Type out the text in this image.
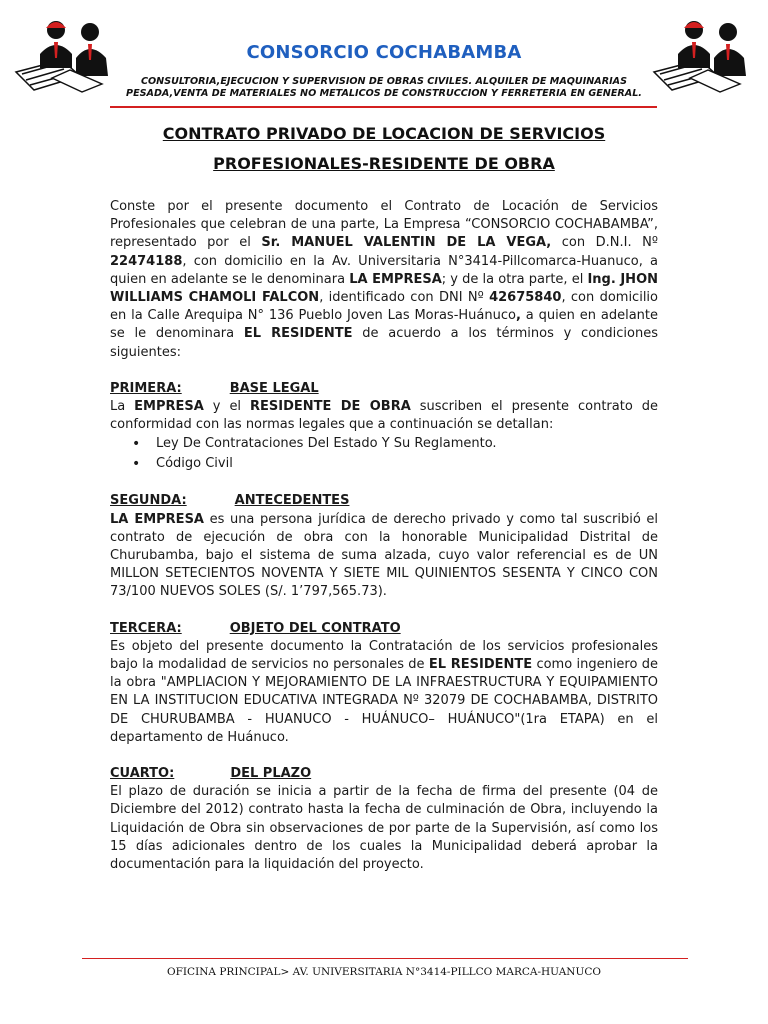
CONSORCIO COCHABAMBA
CONSULTORIA,EJECUCION Y SUPERVISION DE OBRAS CIVILES. ALQUILER DE MAQUINARIAS PESADA,VENTA DE MATERIALES NO METALICOS DE CONSTRUCCION Y FERRETERIA EN GENERAL.
CONTRATO PRIVADO DE LOCACION DE SERVICIOS
PROFESIONALES-RESIDENTE DE OBRA

Conste por el presente documento el Contrato de Locación de Servicios Profesionales que celebran de una parte, La Empresa “CONSORCIO COCHABAMBA”, representado por el Sr. MANUEL VALENTIN DE LA VEGA, con D.N.I. Nº 22474188, con domicilio en la Av. Universitaria N°3414-Pillcomarca-Huanuco, a quien en adelante se le denominara LA EMPRESA; y de la otra parte, el Ing. JHON WILLIAMS CHAMOLI FALCON, identificado con DNI Nº 42675840, con domicilio en la Calle Arequipa N° 136 Pueblo Joven Las Moras-Huánuco, a quien en adelante se le denominara EL RESIDENTE de acuerdo a los términos y condiciones siguientes:

PRIMERA:	BASE LEGAL

La EMPRESA y el RESIDENTE DE OBRA suscriben el presente contrato de conformidad con las normas legales que a continuación se detallan:

• Ley De Contrataciones Del Estado Y Su Reglamento.
• Código Civil

SEGUNDA:	ANTECEDENTES

LA EMPRESA es una persona jurídica de derecho privado y como tal suscribió el contrato de ejecución de obra con la honorable Municipalidad Distrital de Churubamba, bajo el sistema de suma alzada, cuyo valor referencial es de UN MILLON SETECIENTOS NOVENTA Y SIETE MIL QUINIENTOS SESENTA Y CINCO CON 73/100 NUEVOS SOLES (S/. 1’797,565.73).

TERCERA:	OBJETO DEL CONTRATO

Es objeto del presente documento la Contratación de los servicios profesionales bajo la modalidad de servicios no personales de EL RESIDENTE como ingeniero de la obra "AMPLIACION Y MEJORAMIENTO DE LA INFRAESTRUCTURA Y EQUIPAMIENTO EN LA INSTITUCION EDUCATIVA INTEGRADA Nº 32079 DE COCHABAMBA, DISTRITO DE CHURUBAMBA - HUANUCO - HUÁNUCO– HUÁNUCO"(1ra ETAPA) en el departamento de Huánuco.

CUARTO:	DEL PLAZO

El plazo de duración se inicia a partir de la fecha de firma del presente (04 de Diciembre del 2012) contrato hasta la fecha de culminación de Obra, incluyendo la Liquidación de Obra sin observaciones de por parte de la Supervisión, así como los 15 días adicionales dentro de los cuales la Municipalidad deberá aprobar la documentación para la liquidación del proyecto.

OFICINA PRINCIPAL> AV. UNIVERSITARIA N°3414-PILLCO MARCA-HUANUCO
